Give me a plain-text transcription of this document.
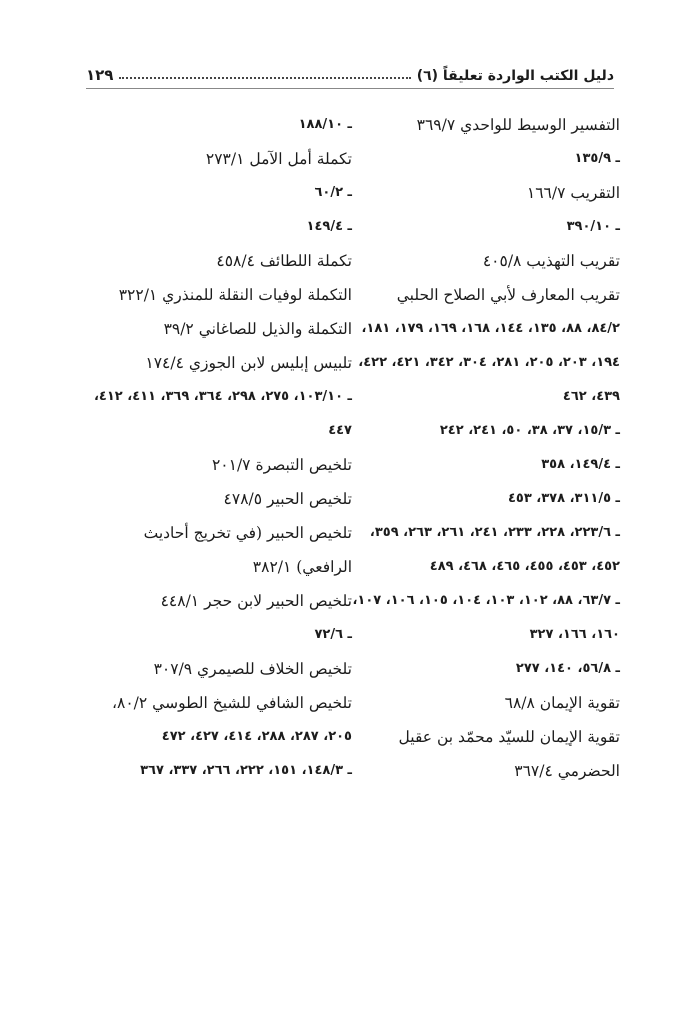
دليل الكتب الواردة تعليقاً (٦)
١٢٩
التفسير الوسيط للواحدي ٣٦٩/٧
ـ ١٣٥/٩
التقريب ١٦٦/٧
ـ ٣٩٠/١٠
تقريب التهذيب ٤٠٥/٨
تقريب المعارف لأبي الصلاح الحلبي
٨٤/٢، ٨٨، ١٣٥، ١٤٤، ١٦٨، ١٦٩، ١٧٩، ١٨١،
١٩٤، ٢٠٣، ٢٠٥، ٢٨١، ٣٠٤، ٣٤٢، ٤٢١، ٤٢٢،
٤٣٩، ٤٦٢
ـ ١٥/٣، ٣٧، ٣٨، ٥٠، ٢٤١، ٢٤٢
ـ ١٤٩/٤، ٣٥٨
ـ ٣١١/٥، ٣٧٨، ٤٥٣
ـ ٢٢٣/٦، ٢٢٨، ٢٣٣، ٢٤١، ٢٦١، ٢٦٣، ٣٥٩،
٤٥٢، ٤٥٣، ٤٥٥، ٤٦٥، ٤٦٨، ٤٨٩
ـ ٦٣/٧، ٨٨، ١٠٢، ١٠٣، ١٠٤، ١٠٥، ١٠٦، ١٠٧،
١٦٠، ١٦٦، ٣٢٧
ـ ٥٦/٨، ١٤٠، ٢٧٧
تقوية الإيمان ٦٨/٨
تقوية الإيمان للسيّد محمّد بن عقيل
الحضرمي ٣٦٧/٤
ـ ١٨٨/١٠
تكملة أمل الآمل ٢٧٣/١
ـ ٦٠/٢
ـ ١٤٩/٤
تكملة اللطائف ٤٥٨/٤
التكملة لوفيات النقلة للمنذري ٣٢٢/١
التكملة والذيل للصاغاني ٣٩/٢
تلبيس إبليس لابن الجوزي ١٧٤/٤
ـ ١٠٣/١٠، ٢٧٥، ٢٩٨، ٣٦٤، ٣٦٩، ٤١١، ٤١٢،
٤٤٧
تلخيص التبصرة ٢٠١/٧
تلخيص الحبير ٤٧٨/٥
تلخيص الحبير (في تخريج أحاديث
الرافعي) ٣٨٢/١
تلخيص الحبير لابن حجر ٤٤٨/١
ـ ٧٢/٦
تلخيص الخلاف للصيمري ٣٠٧/٩
تلخيص الشافي للشيخ الطوسي ٨٠/٢،
٢٠٥، ٢٨٧، ٢٨٨، ٤١٤، ٤٢٧، ٤٧٢
ـ ١٤٨/٣، ١٥١، ٢٢٢، ٢٦٦، ٣٣٧، ٣٦٧
